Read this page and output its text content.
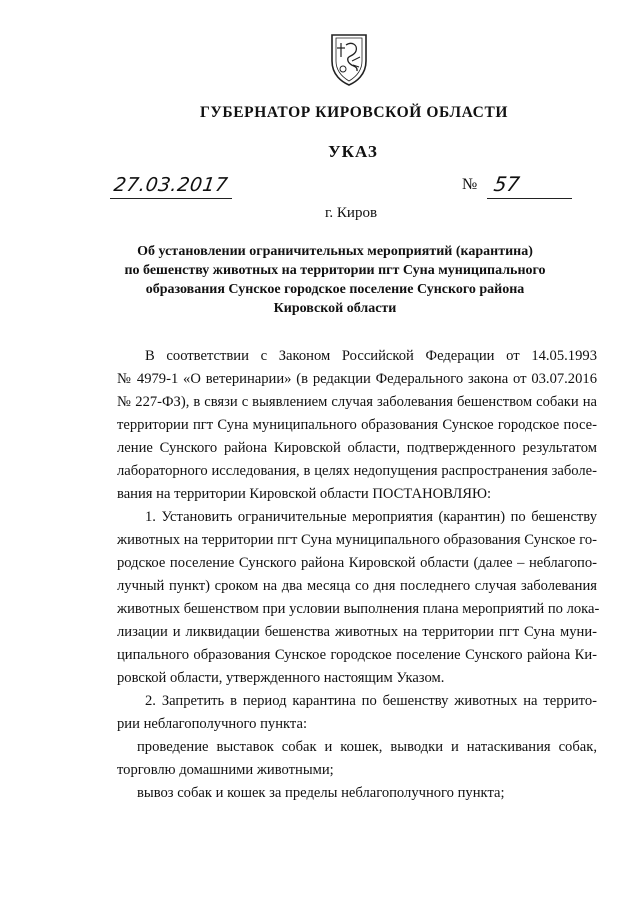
ГУБЕРНАТОР КИРОВСКОЙ ОБЛАСТИ
УКАЗ
27.03.2017	№ 57
г. Киров
Об установлении ограничительных мероприятий (карантина)
по бешенству животных на территории пгт Суна муниципального
образования Сунское городское поселение Сунского района
Кировской области
В соответствии с Законом Российской Федерации от 14.05.1993
№ 4979-1 «О ветеринарии» (в редакции Федерального закона от 03.07.2016
№ 227-ФЗ), в связи с выявлением случая заболевания бешенством собаки на
территории пгт Суна муниципального образования Сунское городское посе-
ление Сунского района Кировской области, подтвержденного результатом
лабораторного исследования, в целях недопущения распространения заболе-
вания на территории Кировской области ПОСТАНОВЛЯЮ:
1. Установить ограничительные мероприятия (карантин) по бешенству
животных на территории пгт Суна муниципального образования Сунское го-
родское поселение Сунского района Кировской области (далее – неблагопо-
лучный пункт) сроком на два месяца со дня последнего случая заболевания
животных бешенством при условии выполнения плана мероприятий по лока-
лизации и ликвидации бешенства животных на территории пгт Суна муни-
ципального образования Сунское городское поселение Сунского района Ки-
ровской области, утвержденного настоящим Указом.
2. Запретить в период карантина по бешенству животных на террито-
рии неблагополучного пункта:
проведение выставок собак и кошек, выводки и натаскивания собак,
торговлю домашними животными;
вывоз собак и кошек за пределы неблагополучного пункта;
